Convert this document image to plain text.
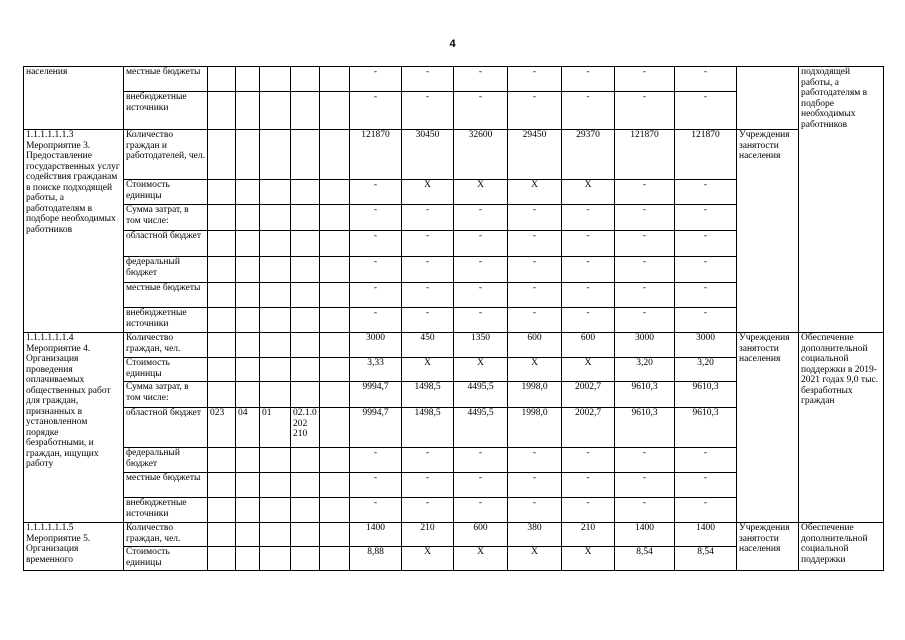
4
населения	местные бюджеты						-	-	-	-	-	-	-		подходящей работы, а работодателям в подборе необходимых работников
	внебюджетные источники						-	-	-	-	-	-	-		
1.1.1.1.1.1.3 Мероприятие 3. Предоставление государственных услуг содействия гражданам в поиске подходящей работы, а работодателям в подборе необходимых работников	Количество граждан и работодателей, чел.						121870	30450	32600	29450	29370	121870	121870	Учреждения занятости населения	
	Стоимость единицы						-	Х	Х	Х	Х	-	-		
	Сумма затрат, в том числе:						-	-	-	-	-	-	-		
	областной бюджет						-	-	-	-	-	-	-		
	федеральный бюджет						-	-	-	-	-	-	-		
	местные бюджеты						-	-	-	-	-	-	-		
	внебюджетные источники						-	-	-	-	-	-	-		
1.1.1.1.1.1.4 Мероприятие 4. Организация проведения оплачиваемых общественных работ для граждан, признанных в установленном порядке безработными, и граждан, ищущих работу	Количество граждан, чел.						3000	450	1350	600	600	3000	3000	Учреждения занятости населения	Обеспечение дополнительной социальной поддержки в 2019-2021 годах 9,0 тыс. безработных граждан
	Стоимость единицы						3,33	Х	Х	Х	Х	3,20	3,20		
	Сумма затрат, в том числе:						9994,7	1498,5	4495,5	1998,0	2002,7	9610,3	9610,3		
	областной бюджет	023	04	01	02.1.0202 210		9994,7	1498,5	4495,5	1998,0	2002,7	9610,3	9610,3		
	федеральный бюджет						-	-	-	-	-	-	-		
	местные бюджеты						-	-	-	-	-	-	-		
	внебюджетные источники						-	-	-	-	-	-	-		
1.1.1.1.1.1.5 Мероприятие 5. Организация временного	Количество граждан, чел.						1400	210	600	380	210	1400	1400	Учреждения занятости населения	Обеспечение дополнительной социальной поддержки
	Стоимость единицы						8,88	Х	Х	Х	Х	8,54	8,54		
